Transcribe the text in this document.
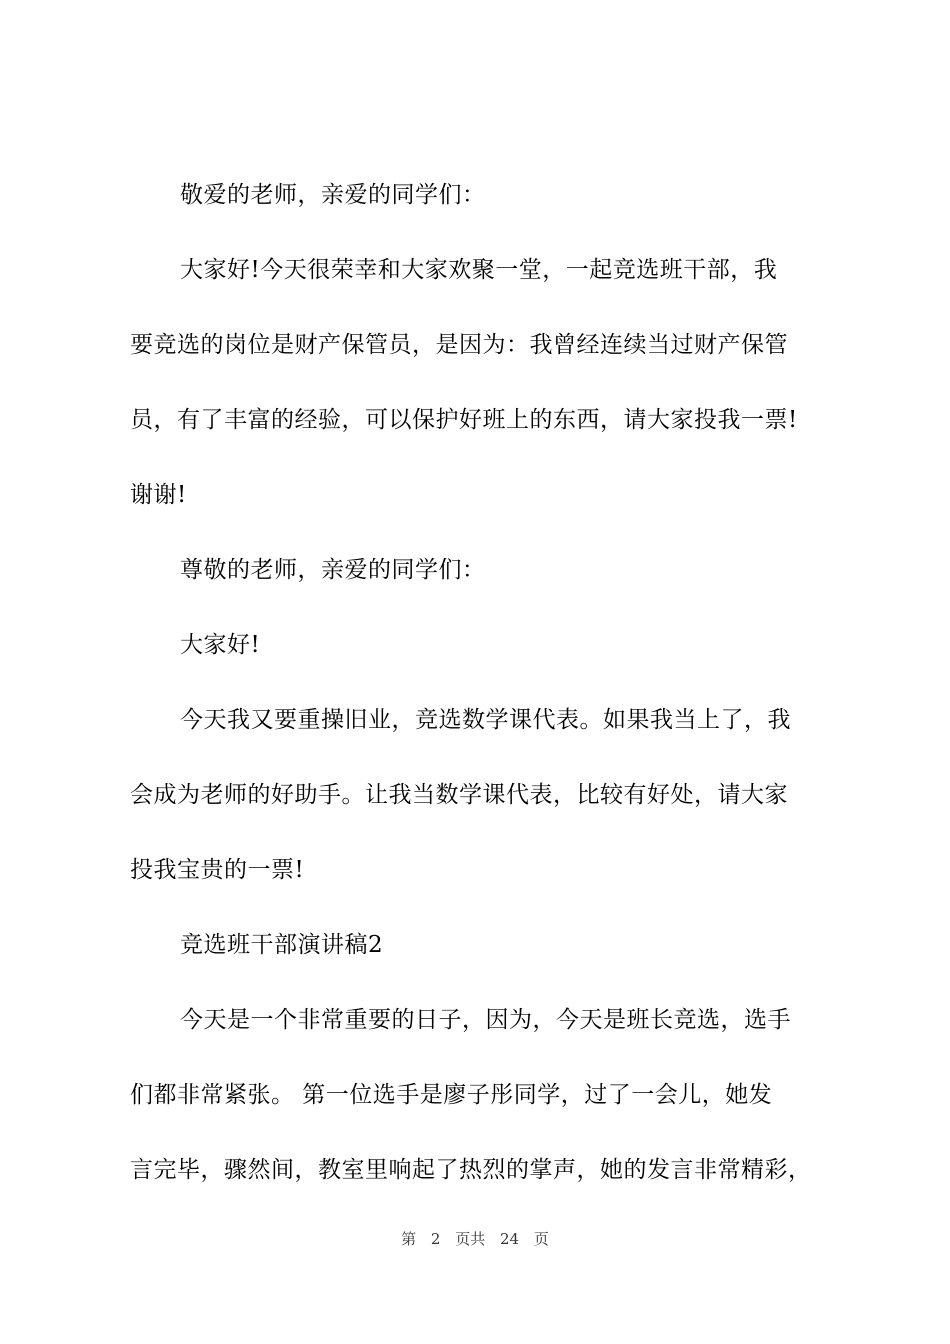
敬爱的老师，亲爱的同学们：
大家好!今天很荣幸和大家欢聚一堂，一起竞选班干部，我
要竞选的岗位是财产保管员，是因为：我曾经连续当过财产保管
员，有了丰富的经验，可以保护好班上的东西，请大家投我一票!
谢谢!
尊敬的老师，亲爱的同学们：
大家好!
今天我又要重操旧业，竞选数学课代表。如果我当上了，我
会成为老师的好助手。让我当数学课代表，比较有好处，请大家
投我宝贵的一票!
竞选班干部演讲稿2
今天是一个非常重要的日子，因为，今天是班长竞选，选手
们都非常紧张。 第一位选手是廖子彤同学，过了一会儿，她发
言完毕，骤然间，教室里响起了热烈的掌声，她的发言非常精彩，
第 2 页共 24 页
